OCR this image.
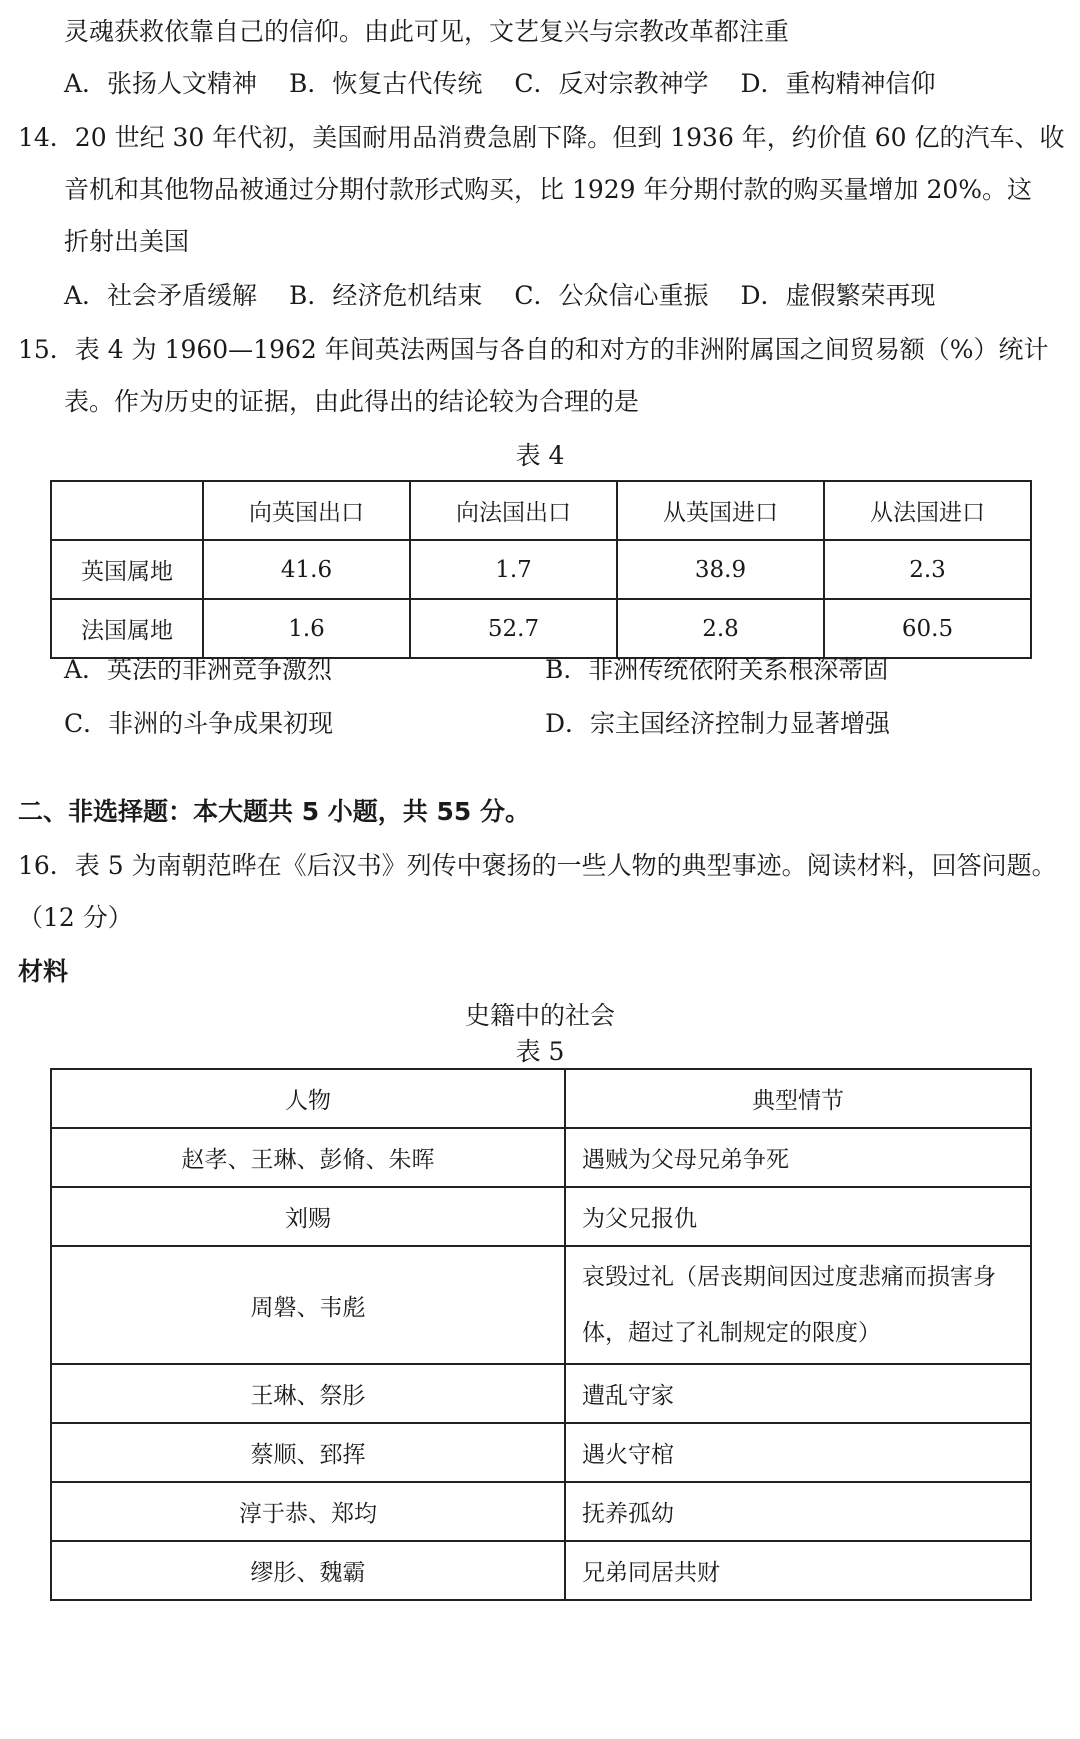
灵魂获救依靠自己的信仰。由此可见，文艺复兴与宗教改革都注重
A．张扬人文精神 B．恢复古代传统 C．反对宗教神学 D．重构精神信仰
14．20 世纪 30 年代初，美国耐用品消费急剧下降。但到 1936 年，约价值 60 亿的汽车、收
音机和其他物品被通过分期付款形式购买，比 1929 年分期付款的购买量增加 20%。这
折射出美国
A．社会矛盾缓解 B．经济危机结束 C．公众信心重振 D．虚假繁荣再现
15．表 4 为 1960—1962 年间英法两国与各自的和对方的非洲附属国之间贸易额（%）统计
表。作为历史的证据，由此得出的结论较为合理的是
表 4
	向英国出口	向法国出口	从英国进口	从法国进口
英国属地	41.6	1.7	38.9	2.3
法国属地	1.6	52.7	2.8	60.5
A．英法的非洲竞争激烈	B．非洲传统依附关系根深蒂固
C．非洲的斗争成果初现	D．宗主国经济控制力显著增强
二、非选择题：本大题共 5 小题，共 55 分。
16．表 5 为南朝范晔在《后汉书》列传中褒扬的一些人物的典型事迹。阅读材料，回答问题。
（12 分）
材料
史籍中的社会
表 5
人物	典型情节
赵孝、王琳、彭脩、朱晖	遇贼为父母兄弟争死
刘赐	为父兄报仇
周磐、韦彪	哀毁过礼（居丧期间因过度悲痛而损害身体，超过了礼制规定的限度）
王琳、祭肜	遭乱守家
蔡顺、郅挥	遇火守棺
淳于恭、郑均	抚养孤幼
缪肜、魏霸	兄弟同居共财
